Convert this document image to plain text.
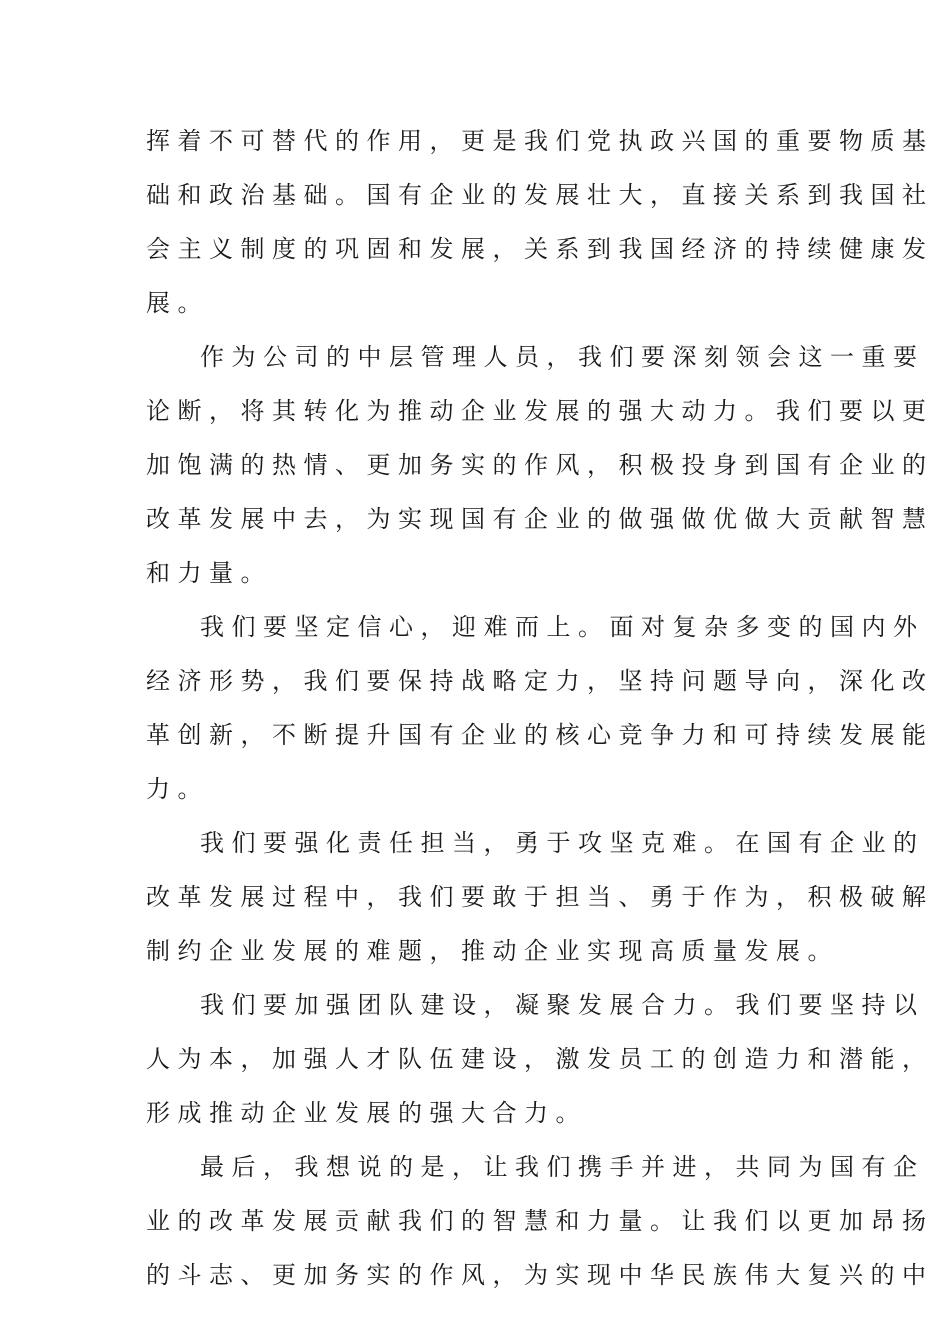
挥着不可替代的作用，更是我们党执政兴国的重要物质基
础和政治基础。国有企业的发展壮大，直接关系到我国社
会主义制度的巩固和发展，关系到我国经济的持续健康发
展。
作为公司的中层管理人员，我们要深刻领会这一重要
论断，将其转化为推动企业发展的强大动力。我们要以更
加饱满的热情、更加务实的作风，积极投身到国有企业的
改革发展中去，为实现国有企业的做强做优做大贡献智慧
和力量。
我们要坚定信心，迎难而上。面对复杂多变的国内外
经济形势，我们要保持战略定力，坚持问题导向，深化改
革创新，不断提升国有企业的核心竞争力和可持续发展能
力。
我们要强化责任担当，勇于攻坚克难。在国有企业的
改革发展过程中，我们要敢于担当、勇于作为，积极破解
制约企业发展的难题，推动企业实现高质量发展。
我们要加强团队建设，凝聚发展合力。我们要坚持以
人为本，加强人才队伍建设，激发员工的创造力和潜能，
形成推动企业发展的强大合力。
最后，我想说的是，让我们携手并进，共同为国有企
业的改革发展贡献我们的智慧和力量。让我们以更加昂扬
的斗志、更加务实的作风，为实现中华民族伟大复兴的中
